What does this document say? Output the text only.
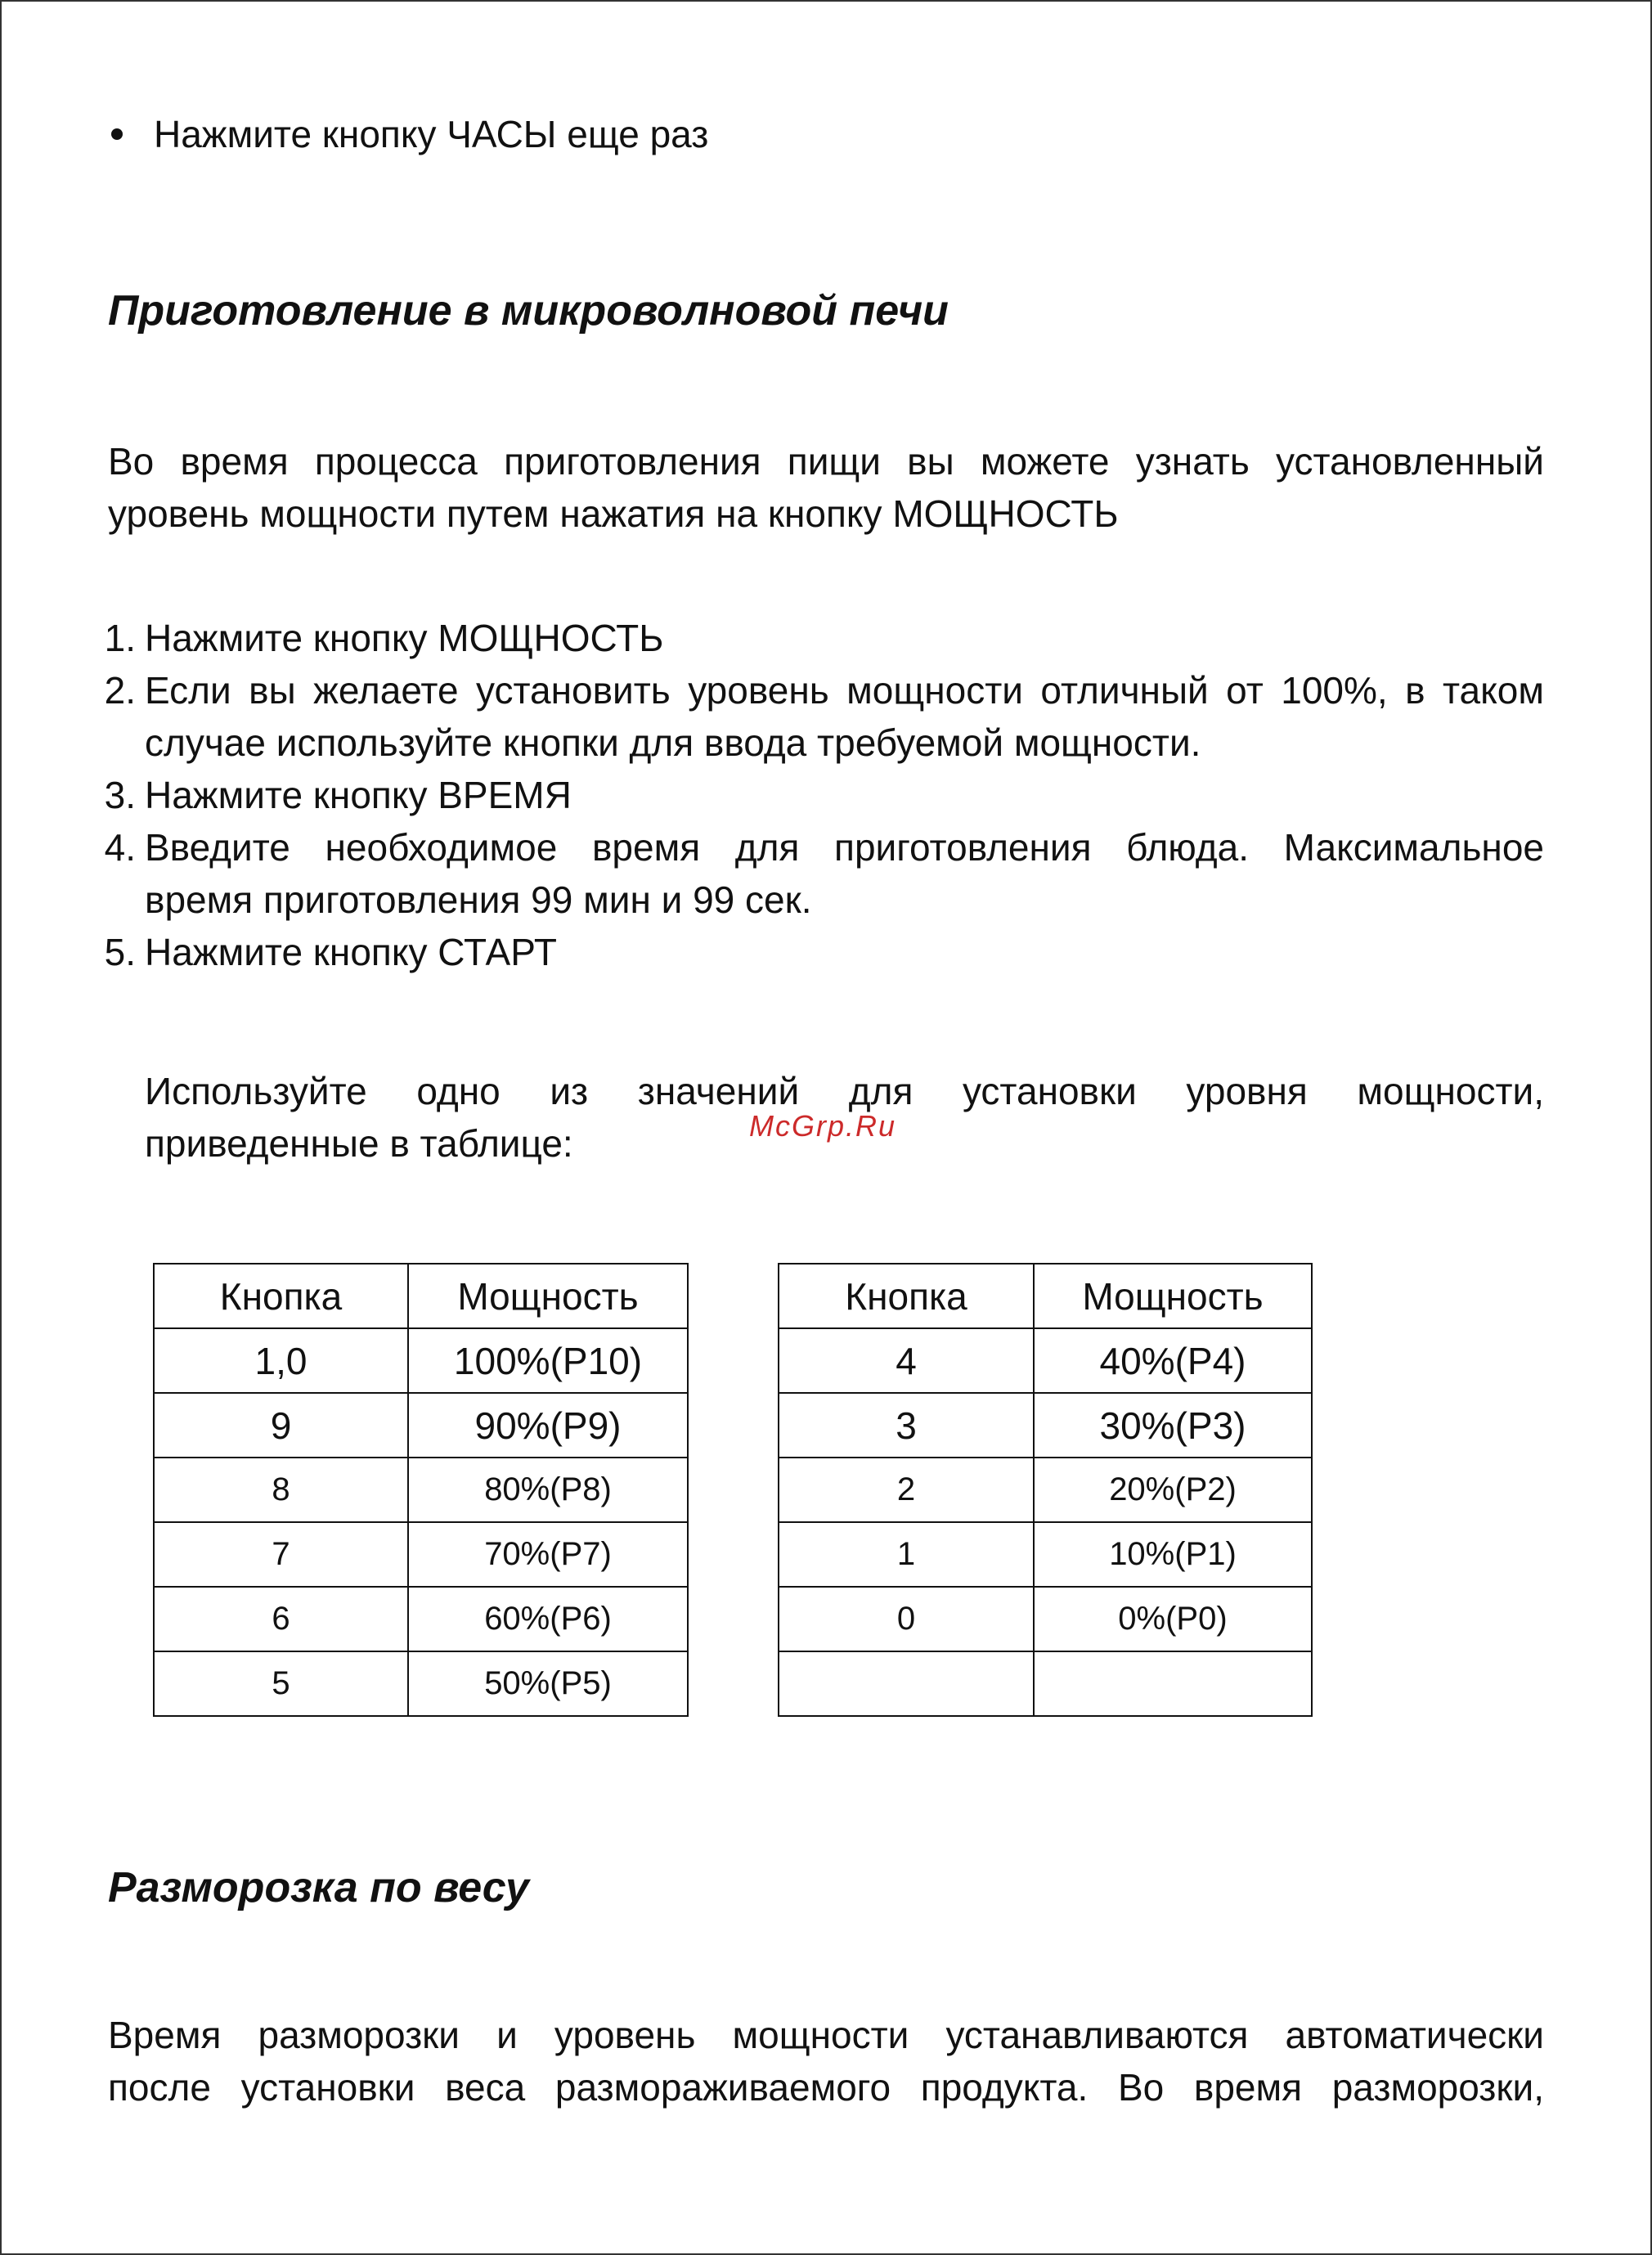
Нажмите кнопку ЧАСЫ еще раз
Приготовление в микроволновой печи
Во время процесса приготовления пищи вы можете узнать установленный
уровень мощности путем нажатия на кнопку МОЩНОСТЬ
1. Нажмите кнопку МОЩНОСТЬ
2. Если вы желаете установить уровень мощности отличный от 100%, в таком
случае используйте кнопки для ввода требуемой мощности.
3. Нажмите кнопку ВРЕМЯ
4. Введите необходимое время для приготовления блюда. Максимальное
время приготовления 99 мин и 99 сек.
5. Нажмите кнопку СТАРТ
Используйте одно из значений для установки уровня мощности,
приведенные в таблице:	McGrp.Ru
Кнопка	Мощность		Кнопка	Мощность
1,0	100%(P10)		4	40%(P4)
9	90%(P9)		3	30%(P3)
8	80%(P8)		2	20%(P2)
7	70%(P7)		1	10%(P1)
6	60%(P6)		0	0%(P0)
5	50%(P5)			
Разморозка по весу
Время разморозки и уровень мощности устанавливаются автоматически
после установки веса размораживаемого продукта. Во время разморозки,
